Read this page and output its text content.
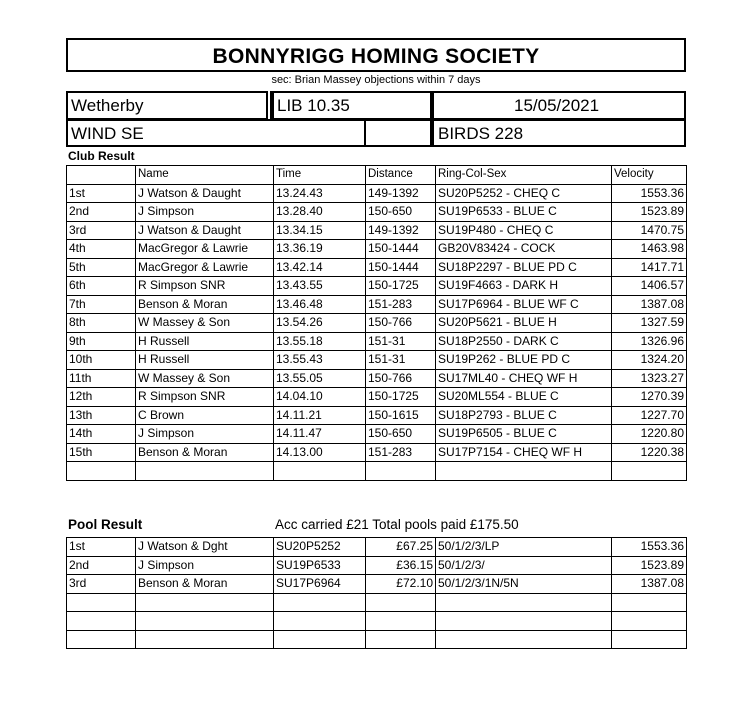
BONNYRIGG HOMING SOCIETY
sec: Brian Massey objections within 7 days
Wetherby	LIB 10.35	15/05/2021
WIND SE	BIRDS 228
Club Result
	Name	Time	Distance	Ring-Col-Sex	Velocity
1st	J Watson & Daught	13.24.43	149-1392	SU20P5252 - CHEQ C	1553.36
2nd	J Simpson	13.28.40	150-650	SU19P6533 - BLUE C	1523.89
3rd	J Watson & Daught	13.34.15	149-1392	SU19P480 - CHEQ C	1470.75
4th	MacGregor & Lawrie	13.36.19	150-1444	GB20V83424 - COCK	1463.98
5th	MacGregor & Lawrie	13.42.14	150-1444	SU18P2297 - BLUE PD C	1417.71
6th	R Simpson SNR	13.43.55	150-1725	SU19F4663 - DARK H	1406.57
7th	Benson & Moran	13.46.48	151-283	SU17P6964 - BLUE WF C	1387.08
8th	W Massey & Son	13.54.26	150-766	SU20P5621 - BLUE H	1327.59
9th	H Russell	13.55.18	151-31	SU18P2550 - DARK C	1326.96
10th	H Russell	13.55.43	151-31	SU19P262 - BLUE PD C	1324.20
11th	W Massey & Son	13.55.05	150-766	SU17ML40 - CHEQ WF H	1323.27
12th	R Simpson SNR	14.04.10	150-1725	SU20ML554 - BLUE C	1270.39
13th	C Brown	14.11.21	150-1615	SU18P2793 - BLUE C	1227.70
14th	J Simpson	14.11.47	150-650	SU19P6505 - BLUE C	1220.80
15th	Benson & Moran	14.13.00	151-283	SU17P7154 - CHEQ WF H	1220.38

Pool Result	Acc carried £21 Total pools paid £175.50
1st	J Watson & Dght	SU20P5252	£67.25	50/1/2/3/LP	1553.36
2nd	J Simpson	SU19P6533	£36.15	50/1/2/3/	1523.89
3rd	Benson & Moran	SU17P6964	£72.10	50/1/2/3/1N/5N	1387.08
